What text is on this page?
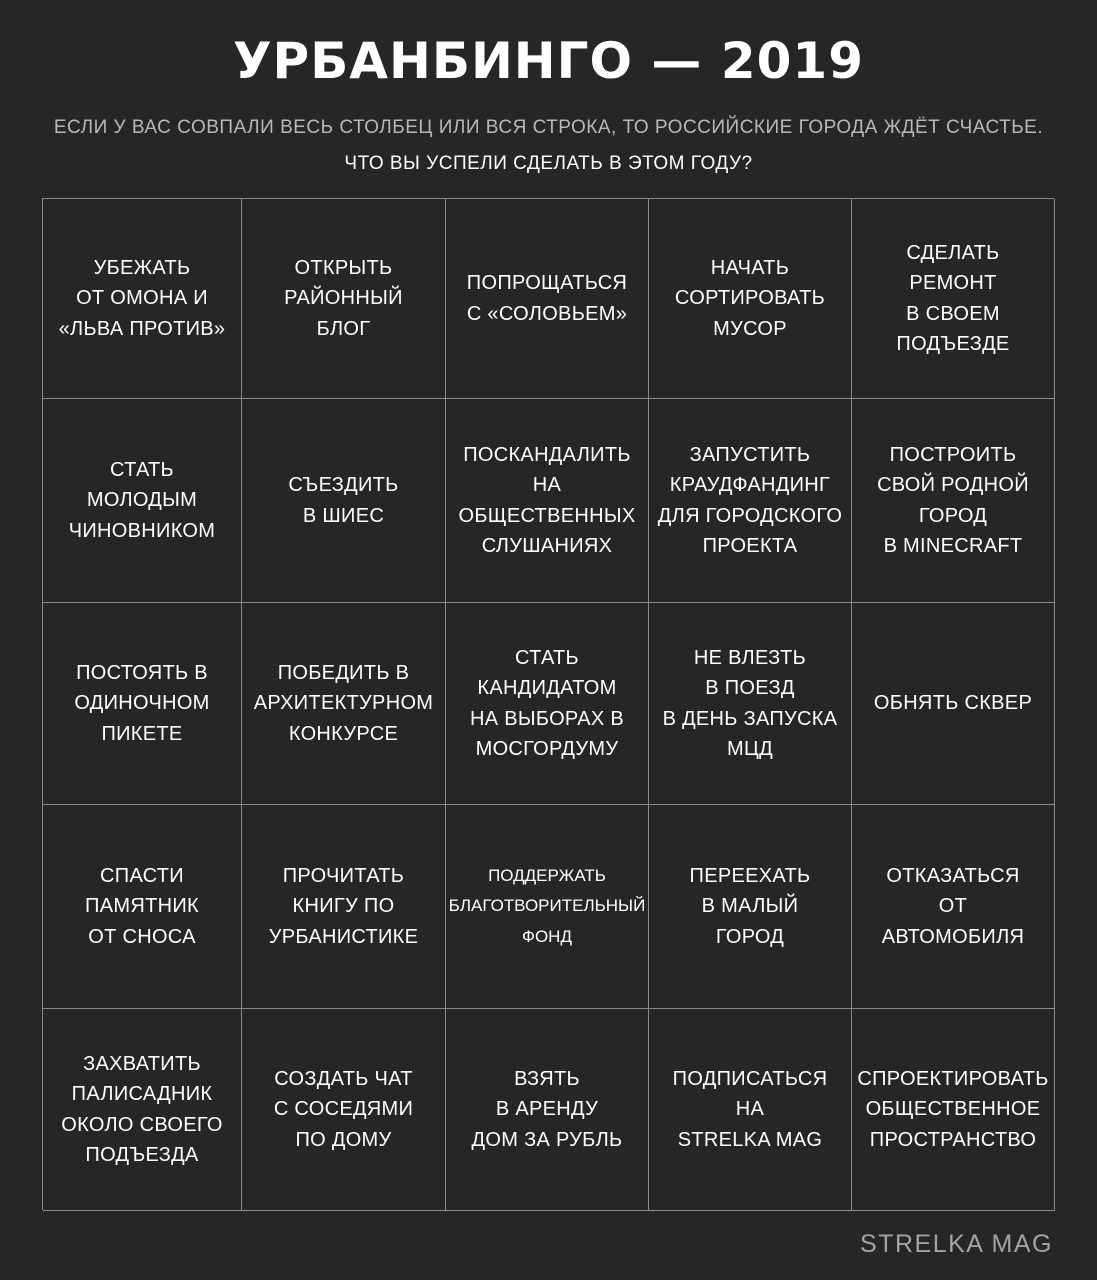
УРБАНБИНГО — 2019
ЕСЛИ У ВАС СОВПАЛИ ВЕСЬ СТОЛБЕЦ ИЛИ ВСЯ СТРОКА, ТО РОССИЙСКИЕ ГОРОДА ЖДЁТ СЧАСТЬЕ.
ЧТО ВЫ УСПЕЛИ СДЕЛАТЬ В ЭТОМ ГОДУ?
УБЕЖАТЬ
ОТ ОМОНА И
«ЛЬВА ПРОТИВ»
ОТКРЫТЬ
РАЙОННЫЙ
БЛОГ
ПОПРОЩАТЬСЯ
С «СОЛОВЬЕМ»
НАЧАТЬ
СОРТИРОВАТЬ
МУСОР
СДЕЛАТЬ
РЕМОНТ
В СВОЕМ
ПОДЪЕЗДЕ
СТАТЬ
МОЛОДЫМ
ЧИНОВНИКОМ
СЪЕЗДИТЬ
В ШИЕС
ПОСКАНДАЛИТЬ
НА
ОБЩЕСТВЕННЫХ
СЛУШАНИЯХ
ЗАПУСТИТЬ
КРАУДФАНДИНГ
ДЛЯ ГОРОДСКОГО
ПРОЕКТА
ПОСТРОИТЬ
СВОЙ РОДНОЙ
ГОРОД
В MINECRAFT
ПОСТОЯТЬ В
ОДИНОЧНОМ
ПИКЕТЕ
ПОБЕДИТЬ В
АРХИТЕКТУРНОМ
КОНКУРСЕ
СТАТЬ
КАНДИДАТОМ
НА ВЫБОРАХ В
МОСГОРДУМУ
НЕ ВЛЕЗТЬ
В ПОЕЗД
В ДЕНЬ ЗАПУСКА
МЦД
ОБНЯТЬ СКВЕР
СПАСТИ
ПАМЯТНИК
ОТ СНОСА
ПРОЧИТАТЬ
КНИГУ ПО
УРБАНИСТИКЕ
ПОДДЕРЖАТЬ
БЛАГОТВОРИТЕЛЬНЫЙ
ФОНД
ПЕРЕЕХАТЬ
В МАЛЫЙ
ГОРОД
ОТКАЗАТЬСЯ
ОТ
АВТОМОБИЛЯ
ЗАХВАТИТЬ
ПАЛИСАДНИК
ОКОЛО СВОЕГО
ПОДЪЕЗДА
СОЗДАТЬ ЧАТ
С СОСЕДЯМИ
ПО ДОМУ
ВЗЯТЬ
В АРЕНДУ
ДОМ ЗА РУБЛЬ
ПОДПИСАТЬСЯ
НА
STRELKA MAG
СПРОЕКТИРОВАТЬ
ОБЩЕСТВЕННОЕ
ПРОСТРАНСТВО
STRELKA MAG
